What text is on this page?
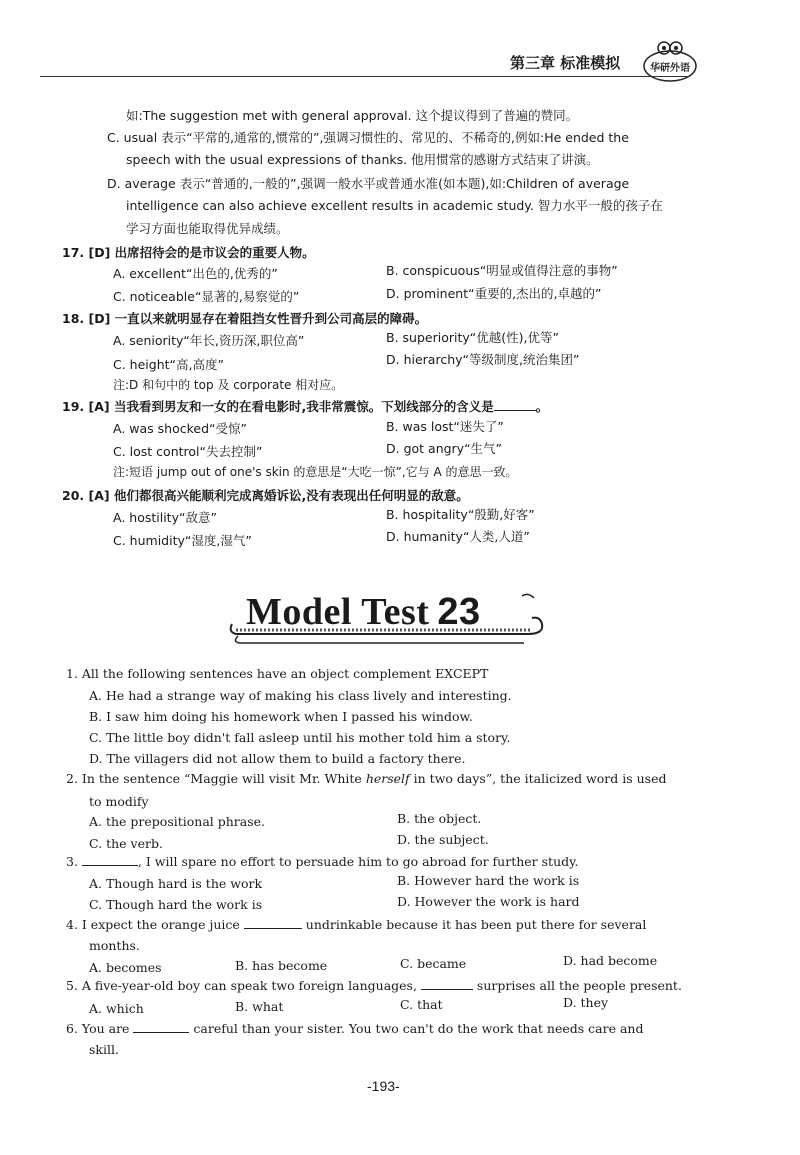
第三章 标准模拟	华研外语
如:The suggestion met with general approval. 这个提议得到了普遍的赞同。
C. usual 表示“平常的,通常的,惯常的”,强调习惯性的、常见的、不稀奇的,例如:He ended the
speech with the usual expressions of thanks. 他用惯常的感谢方式结束了讲演。
D. average 表示“普通的,一般的”,强调一般水平或普通水准(如本题),如:Children of average
intelligence can also achieve excellent results in academic study. 智力水平一般的孩子在
学习方面也能取得优异成绩。
17. [D] 出席招待会的是市议会的重要人物。
A. excellent“出色的,优秀的”	B. conspicuous“明显或值得注意的事物”
C. noticeable“显著的,易察觉的”	D. prominent“重要的,杰出的,卓越的”
18. [D] 一直以来就明显存在着阻挡女性晋升到公司高层的障碍。
A. seniority“年长,资历深,职位高”	B. superiority“优越(性),优等”
C. height“高,高度”	D. hierarchy“等级制度,统治集团”
注:D 和句中的 top 及 corporate 相对应。
19. [A] 当我看到男友和一女的在看电影时,我非常震惊。下划线部分的含义是	。
A. was shocked“受惊”	B. was lost“迷失了”
C. lost control“失去控制”	D. got angry“生气”
注:短语 jump out of one's skin 的意思是“大吃一惊”,它与 A 的意思一致。
20. [A] 他们都很高兴能顺利完成离婚诉讼,没有表现出任何明显的敌意。
A. hostility“敌意”	B. hospitality“殷勤,好客”
C. humidity“湿度,湿气”	D. humanity“人类,人道”
Model Test 23
1. All the following sentences have an object complement EXCEPT
A. He had a strange way of making his class lively and interesting.
B. I saw him doing his homework when I passed his window.
C. The little boy didn't fall asleep until his mother told him a story.
D. The villagers did not allow them to build a factory there.
2. In the sentence “Maggie will visit Mr. White herself in two days”, the italicized word is used
to modify
A. the prepositional phrase.	B. the object.
C. the verb.	D. the subject.
3.	, I will spare no effort to persuade him to go abroad for further study.
A. Though hard is the work	B. However hard the work is
C. Though hard the work is	D. However the work is hard
4. I expect the orange juice	undrinkable because it has been put there for several
months.
A. becomes	B. has become	C. became	D. had become
5. A five-year-old boy can speak two foreign languages,	surprises all the people present.
A. which	B. what	C. that	D. they
6. You are	careful than your sister. You two can't do the work that needs care and
skill.
-193-
